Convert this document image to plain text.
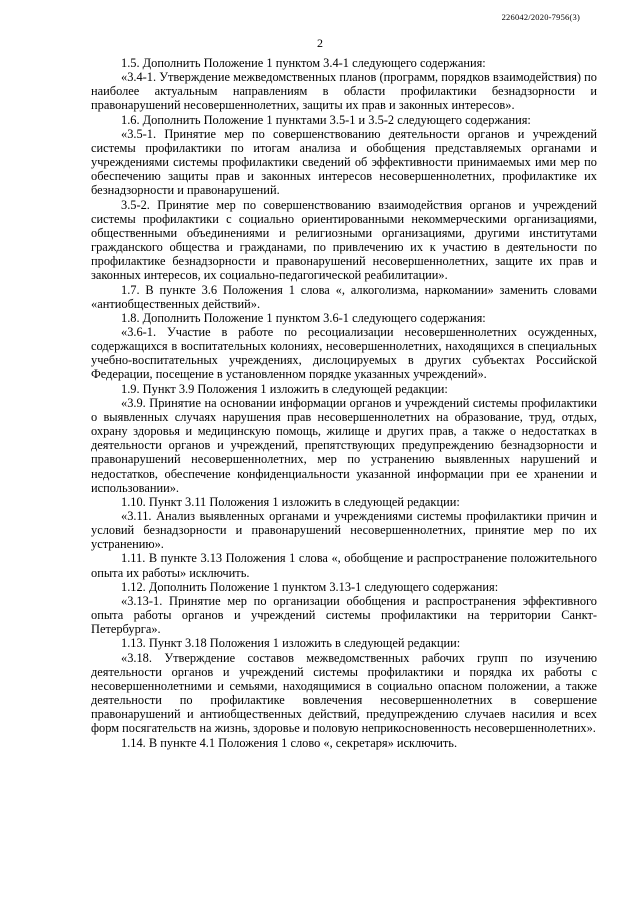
226042/2020-7956(3)
2

1.5. Дополнить Положение 1 пунктом 3.4-1 следующего содержания:

«3.4-1. Утверждение межведомственных планов (программ, порядков взаимодействия) по наиболее актуальным направлениям в области профилактики безнадзорности и правонарушений несовершеннолетних, защиты их прав и законных интересов».

1.6. Дополнить Положение 1 пунктами 3.5-1 и 3.5-2 следующего содержания:

«3.5-1. Принятие мер по совершенствованию деятельности органов и учреждений системы профилактики по итогам анализа и обобщения представляемых органами и учреждениями системы профилактики сведений об эффективности принимаемых ими мер по обеспечению защиты прав и законных интересов несовершеннолетних, профилактике их безнадзорности и правонарушений.

3.5-2. Принятие мер по совершенствованию взаимодействия органов и учреждений системы профилактики с социально ориентированными некоммерческими организациями, общественными объединениями и религиозными организациями, другими институтами гражданского общества и гражданами, по привлечению их к участию в деятельности по профилактике безнадзорности и правонарушений несовершеннолетних, защите их прав и законных интересов, их социально-педагогической реабилитации».

1.7. В пункте 3.6 Положения 1 слова «, алкоголизма, наркомании» заменить словами «антиобщественных действий».

1.8. Дополнить Положение 1 пунктом 3.6-1 следующего содержания:

«3.6-1. Участие в работе по ресоциализации несовершеннолетних осужденных, содержащихся в воспитательных колониях, несовершеннолетних, находящихся в специальных учебно-воспитательных учреждениях, дислоцируемых в других субъектах Российской Федерации, посещение в установленном порядке указанных учреждений».

1.9. Пункт 3.9 Положения 1 изложить в следующей редакции:

«3.9. Принятие на основании информации органов и учреждений системы профилактики о выявленных случаях нарушения прав несовершеннолетних на образование, труд, отдых, охрану здоровья и медицинскую помощь, жилище и других прав, а также о недостатках в деятельности органов и учреждений, препятствующих предупреждению безнадзорности и правонарушений несовершеннолетних, мер по устранению выявленных нарушений и недостатков, обеспечение конфиденциальности указанной информации при ее хранении и использовании».

1.10. Пункт 3.11 Положения 1 изложить в следующей редакции:

«3.11. Анализ выявленных органами и учреждениями системы профилактики причин и условий безнадзорности и правонарушений несовершеннолетних, принятие мер по их устранению».

1.11. В пункте 3.13 Положения 1 слова «, обобщение и распространение положительного опыта их работы» исключить.

1.12. Дополнить Положение 1 пунктом 3.13-1 следующего содержания:

«3.13-1. Принятие мер по организации обобщения и распространения эффективного опыта работы органов и учреждений системы профилактики на территории Санкт-Петербурга».

1.13. Пункт 3.18 Положения 1 изложить в следующей редакции:

«3.18. Утверждение составов межведомственных рабочих групп по изучению деятельности органов и учреждений системы профилактики и порядка их работы с несовершеннолетними и семьями, находящимися в социально опасном положении, а также деятельности по профилактике вовлечения несовершеннолетних в совершение правонарушений и антиобщественных действий, предупреждению случаев насилия и всех форм посягательств на жизнь, здоровье и половую неприкосновенность несовершеннолетних».

1.14. В пункте 4.1 Положения 1 слово «, секретаря» исключить.
